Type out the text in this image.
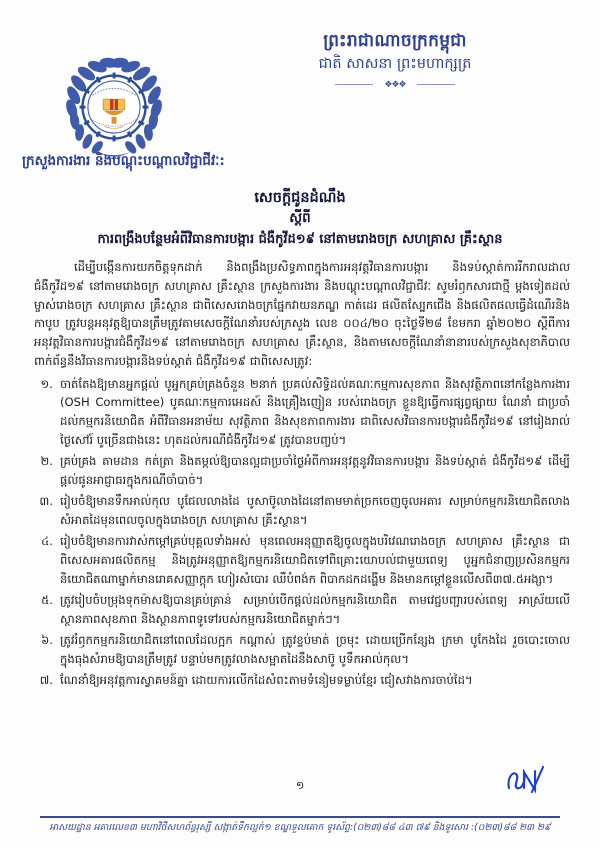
ព្រះរាជាណាចក្រកម្ពុជា
ជាតិ សាសនា ព្រះមហាក្សត្រ
❖❖❖
ក្រសួងការងារ និងបណ្តុះបណ្តាលវិជ្ជាជីវៈ:
សេចក្តីជូនដំណឹង
ស្តីពី
ការពង្រឹងបន្ថែមអំពីវិធានការបង្ការ ជំងឺកូវីដ១៩ នៅតាមរោងចក្រ សហគ្រាស គ្រឹះស្ថាន

ដើម្បីបង្កើនការយកចិត្តទុកដាក់ និងពង្រឹងប្រសិទ្ធភាពក្នុងការអនុវត្តវិធានការបង្ការ និងទប់ស្កាត់ការរីករាលដាល ជំងឺកូវីដ១៩ នៅតាមរោងចក្រ សហគ្រាស គ្រឹះស្ថាន ក្រសួងការងារ និងបណ្តុះបណ្តាលវិជ្ជាជីវៈ សូមរំឭកសារជាថ្មី ម្តងទៀតដល់ម្ចាស់រោងចក្រ សហគ្រាស គ្រឹះស្ថាន ជាពិសេសរោងចក្រផ្នែកវាយនភណ្ឌ កាត់ដេរ ផលិតស្បែកជើង និងផលិតផលធ្វើដំណើរនិងកាបូប ត្រូវបន្តអនុវត្តឱ្យបានត្រឹមត្រូវតាមសេចក្តីណែនាំរបស់ក្រសួង លេខ ០០៤/២០ ចុះថ្ងៃទី២៨ ខែមករា ឆ្នាំ២០២០ ស្តីពីការអនុវត្តវិធានការបង្ការជំងឺកូវីដ១៩ នៅតាមរោងចក្រ សហគ្រាស គ្រឹះស្ថាន, និងតាមសេចក្តីណែនាំនានារបស់ក្រសួងសុខាភិបាលពាក់ព័ន្ធនឹងវិធានការបង្ការនិងទប់ស្កាត់ ជំងឺកូវីដ១៩ ជាពិសេសត្រូវ:

១. ចាត់តែងឱ្យមានអ្នកផ្តល់ បូអ្នកគ្រប់គ្រងចំនួន ២នាក់ ប្រគល់សិទ្ធិដល់គណៈកម្មការសុខភាព និងសុវត្ថិភាពនៅកន្លែងការងារ (OSH Committee) បូគណៈកម្មការអេដស៍ និងគ្រឿងញៀន របស់រោងចក្រ ខ្លួនឱ្យធ្វើការផ្សព្វផ្សាយ ណែនាំ ជាប្រចាំដល់កម្មករនិយោជិត អំពីវិធានអនាម័យ សុវត្ថិភាព និងសុខភាពការងារ ជាពិសេសវិធានការបង្ការជំងឺកូវីដ១៩ នៅរៀងរាល់ថ្ងៃសៅរ៍ បូច្រើនជាងនេះ ហុតដល់ករណីជំងឺកូវីដ១៩ ត្រូវបានបញ្ចប់។
២. គ្រប់គ្រង តាមដាន កត់ត្រា និងតម្កល់ឱ្យបានល្អជាប្រចាំថ្ងៃអំពីការអនុវត្តនូវវិធានការបង្ការ និងទប់ស្កាត់ ជំងឺកូវីដ១៩ ដើម្បីផ្តល់ផូនអាជ្ញាធរក្នុងករណីចាំបាច់។
៣. រៀបចំឱ្យមានទឹកអាល់កុល បូជែលលាងដៃ បូសាប៊ូលាងដៃនៅតាមមាត់ច្រកចេញចូលអគារ សម្រាប់កម្មករនិយោជិតលាងសំអាតដៃមុនពេលចូលក្នុងរោងចក្រ សហគ្រាស គ្រឹះស្ថាន។
៤. រៀបចំឱ្យមានការវាស់កម្ដៅគ្រប់បុគ្គលទាំងអស់ មុនពេលអនុញ្ញាតឱ្យចូលក្នុងបរិវេណរោងចក្រ សហគ្រាស គ្រឹះស្ថាន ជាពិសេសអគារផលិតកម្ម និងត្រូវអនុញ្ញាតឱ្យកម្មករនិយោជិតទៅពិគ្រោះយោបល់ជាមួយពេទ្យ បូអ្នកជំនាញប្រសិនកម្មករនិយោជិតណាម្នាក់មានរោគសញ្ញាក្តុក ហៀរសំបោរ ឈឺបំពង់ក ពិបាកដកដង្ហើម និងមានកម្ដៅខ្លួនលើសពី៣៧.៥អង្សា។
៥. ត្រូវរៀបចំបម្រុងទុកម៉ាសឱ្យបានគ្រប់គ្រាន់ សម្រាប់បើកផ្តល់ដល់កម្មករនិយោជិត តាមវេជ្ជបញ្ជារបស់ពេទ្យ អាស្រ័យលើស្ថានភាពសុខភាព និងស្ថានភាពទូទៅរបស់កម្មករនិយោជិតម្នាក់ៗ។
៦. ត្រូវរំឭកកម្មករនិយោជិតនៅពេលដែលក្អក កណ្តាស់ ត្រូវខ្ទប់មាត់ ច្រមុះ ដោយប្រើកន្សែង ក្រមា បូកែងដៃ រួចបោះចោលក្នុងធុងសំរាមឱ្យបានត្រឹមត្រូវ បន្ទាប់មកត្រូវលាងសម្អាតដៃនឹងសាប៊ូ បូទឹកអាល់កុល។
៧. ណែនាំឱ្យអនុវត្តការស្វាគមន៍គ្នា ដោយការលើកដៃសំពះតាមទំនៀមទម្លាប់ខ្មែរ ជៀសវាងការចាប់ដៃ។
១
អាសយដ្ឋាន អគារលេខ៣ មហាវិថីសហព័ន្ធរុស្សី សង្កាត់ទឹកល្អក់១ ខណ្ឌទួលគោក ទូរស័ព្ទ:(០២៣)៨៨ ៤៣ ៧៩ និងទូរសារ :(០២៣)៨៨ ២៣ ២៩
